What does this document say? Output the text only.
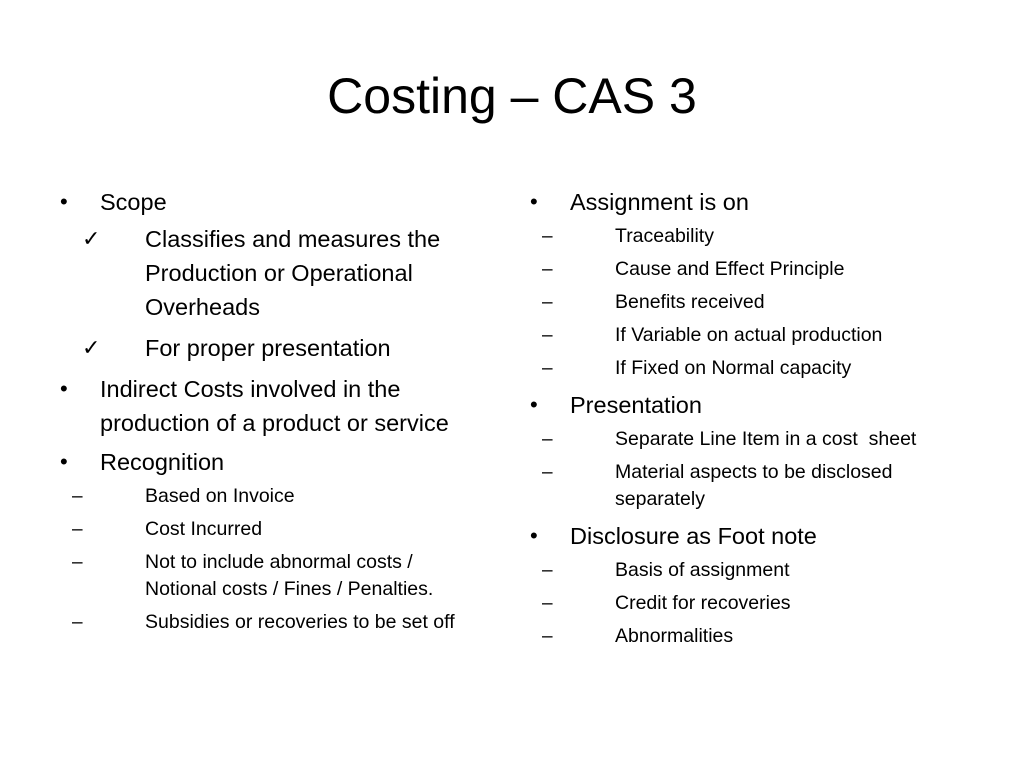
Costing – CAS 3
• Scope
✓ Classifies and measures the Production or Operational Overheads
✓ For proper presentation
• Indirect Costs involved in the production of a product or service
• Recognition
–	Based on Invoice
–	Cost Incurred
–	Not to include abnormal costs / Notional costs / Fines / Penalties.
–	Subsidies or recoveries to be set off
• Assignment is on
–	Traceability
–	Cause and Effect Principle
–	Benefits received
–	If Variable on actual production
–	If Fixed on Normal capacity
• Presentation
–	Separate Line Item in a cost  sheet
–	Material aspects to be disclosed separately
• Disclosure as Foot note
–	Basis of assignment
–	Credit for recoveries
–	Abnormalities
